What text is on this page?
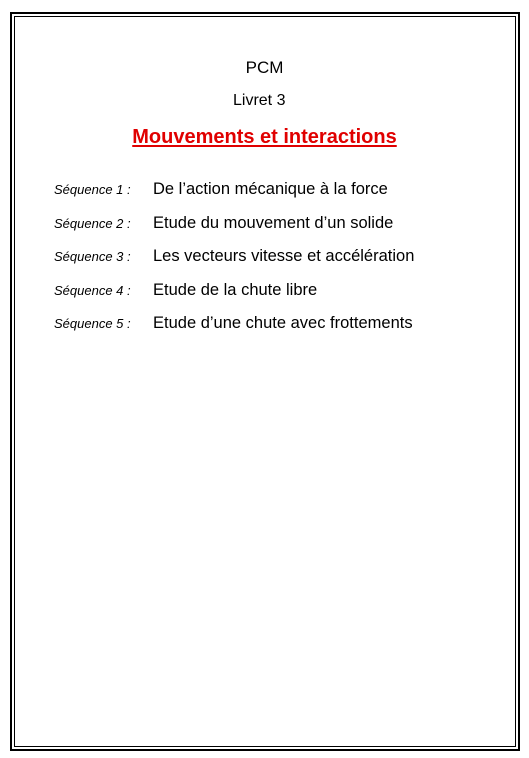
PCM
Livret 3
Mouvements et interactions
Séquence 1 : De l’action mécanique à la force
Séquence 2 : Etude du mouvement d’un solide
Séquence 3 : Les vecteurs vitesse et accélération
Séquence 4 : Etude de la chute libre
Séquence 5 : Etude d’une chute avec frottements
